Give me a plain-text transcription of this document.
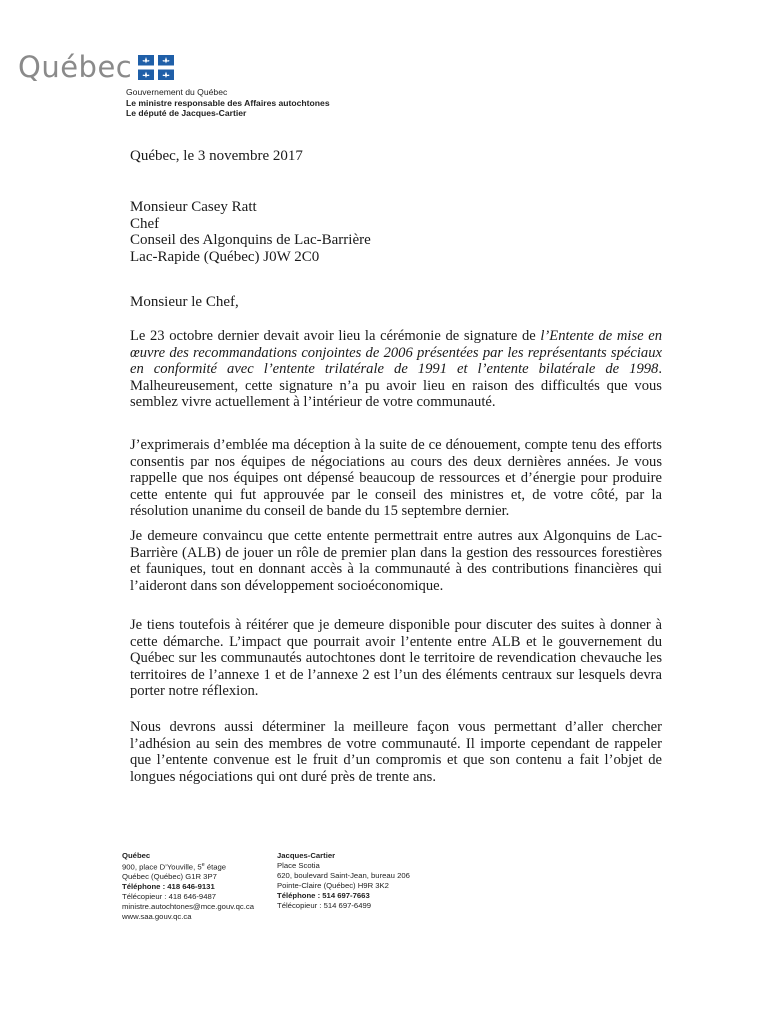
Québec
Gouvernement du Québec
Le ministre responsable des Affaires autochtones
Le député de Jacques-Cartier
Québec, le 3 novembre 2017
Monsieur Casey Ratt
Chef
Conseil des Algonquins de Lac-Barrière
Lac-Rapide (Québec) J0W 2C0
Monsieur le Chef,
Le 23 octobre dernier devait avoir lieu la cérémonie de signature de l’Entente de mise en œuvre des recommandations conjointes de 2006 présentées par les représentants spéciaux en conformité avec l’entente trilatérale de 1991 et l’entente bilatérale de 1998. Malheureusement, cette signature n’a pu avoir lieu en raison des difficultés que vous semblez vivre actuellement à l’intérieur de votre communauté.
J’exprimerais d’emblée ma déception à la suite de ce dénouement, compte tenu des efforts consentis par nos équipes de négociations au cours des deux dernières années. Je vous rappelle que nos équipes ont dépensé beaucoup de ressources et d’énergie pour produire cette entente qui fut approuvée par le conseil des ministres et, de votre côté, par la résolution unanime du conseil de bande du 15 septembre dernier.
Je demeure convaincu que cette entente permettrait entre autres aux Algonquins de Lac-Barrière (ALB) de jouer un rôle de premier plan dans la gestion des ressources forestières et fauniques, tout en donnant accès à la communauté à des contributions financières qui l’aideront dans son développement socioéconomique.
Je tiens toutefois à réitérer que je demeure disponible pour discuter des suites à donner à cette démarche. L’impact que pourrait avoir l’entente entre ALB et le gouvernement du Québec sur les communautés autochtones dont le territoire de revendication chevauche les territoires de l’annexe 1 et de l’annexe 2 est l’un des éléments centraux sur lesquels devra porter notre réflexion.
Nous devrons aussi déterminer la meilleure façon vous permettant d’aller chercher l’adhésion au sein des membres de votre communauté. Il importe cependant de rappeler que l’entente convenue est le fruit d’un compromis et que son contenu a fait l’objet de longues négociations qui ont duré près de trente ans.
Québec
900, place D’Youville, 5e étage
Québec (Québec) G1R 3P7
Téléphone : 418 646-9131
Télécopieur : 418 646-9487
ministre.autochtones@mce.gouv.qc.ca
www.saa.gouv.qc.ca
Jacques-Cartier
Place Scotia
620, boulevard Saint-Jean, bureau 206
Pointe-Claire (Québec) H9R 3K2
Téléphone : 514 697-7663
Télécopieur : 514 697-6499
